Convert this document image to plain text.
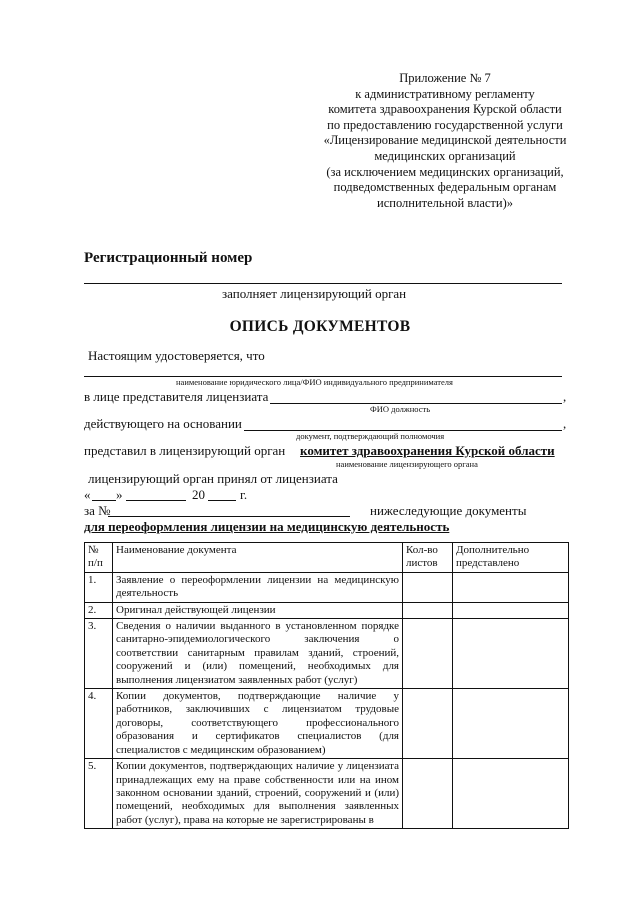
Приложение № 7
к административному регламенту
комитета здравоохранения Курской области
по предоставлению государственной услуги
«Лицензирование медицинской деятельности
медицинских организаций
(за исключением медицинских организаций,
подведомственных федеральным органам
исполнительной власти)»
Регистрационный номер
заполняет лицензирующий орган
ОПИСЬ ДОКУМЕНТОВ
Настоящим удостоверяется, что
наименование юридического лица/ФИО индивидуального предпринимателя
в лице представителя лицензиата	,
ФИО должность
действующего на основании	,
документ, подтверждающий полномочия
представил в лицензирующий орган комитет здравоохранения Курской области
наименование лицензирующего органа
лицензирующий орган принял от лицензиата
« »	20	г.
за №	нижеследующие документы
для переоформления лицензии на медицинскую деятельность
№ п/п	Наименование документа	Кол-во листов	Дополнительно представлено
1.	Заявление о переоформлении лицензии на медицинскую деятельность		
2.	Оригинал действующей лицензии		
3.	Сведения о наличии выданного в установленном порядке санитарно-эпидемиологического заключения о соответствии санитарным правилам зданий, строений, сооружений и (или) помещений, необходимых для выполнения лицензиатом заявленных работ (услуг)		
4.	Копии документов, подтверждающие наличие у работников, заключивших с лицензиатом трудовые договоры, соответствующего профессионального образования и сертификатов специалистов (для специалистов с медицинским образованием)		
5.	Копии документов, подтверждающих наличие у лицензиата принадлежащих ему на праве собственности или на ином законном основании зданий, строений, сооружений и (или) помещений, необходимых для выполнения заявленных работ (услуг), права на которые не зарегистрированы в		
